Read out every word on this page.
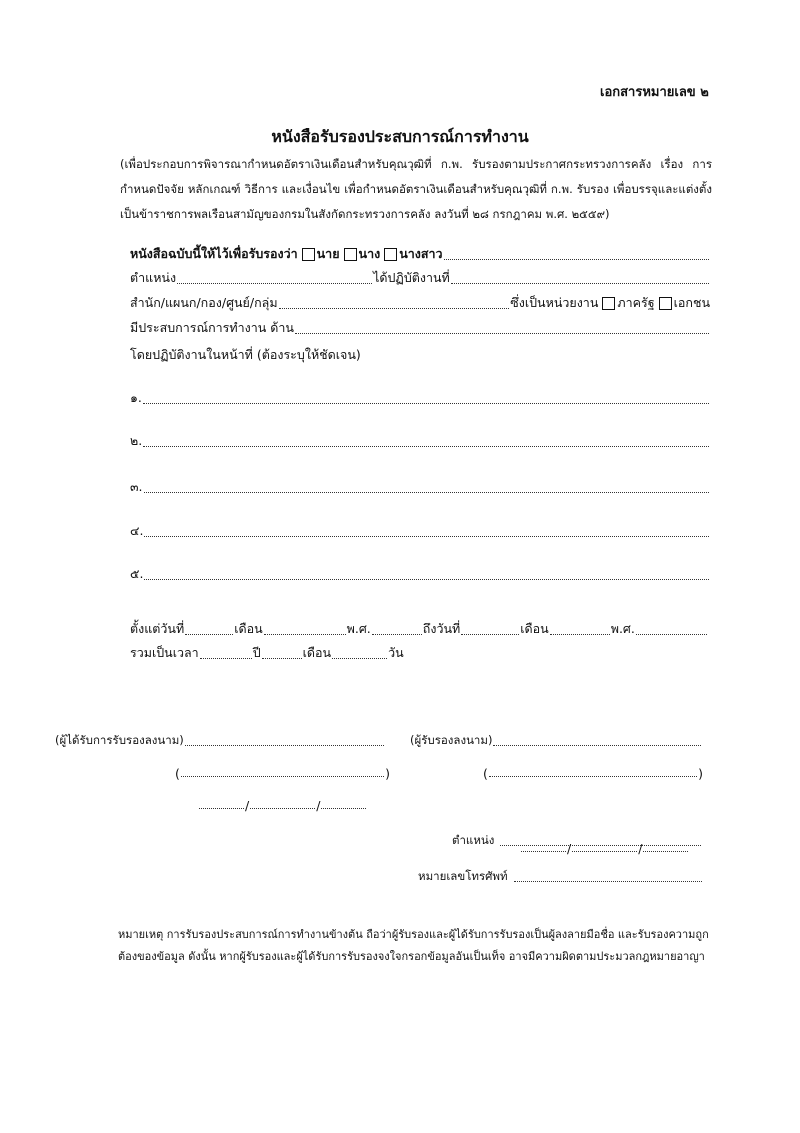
เอกสารหมายเลข ๒
หนังสือรับรองประสบการณ์การทำงาน
(เพื่อประกอบการพิจารณากำหนดอัตราเงินเดือนสำหรับคุณวุฒิที่ ก.พ. รับรองตามประกาศกระทรวงการคลัง เรื่อง การกำหนดปัจจัย หลักเกณฑ์ วิธีการ และเงื่อนไข เพื่อกำหนดอัตราเงินเดือนสำหรับคุณวุฒิที่ ก.พ. รับรอง เพื่อบรรจุและแต่งตั้งเป็นข้าราชการพลเรือนสามัญของกรมในสังกัดกระทรวงการคลัง ลงวันที่ ๒๘ กรกฎาคม พ.ศ. ๒๕๕๙)
หนังสือฉบับนี้ให้ไว้เพื่อรับรองว่า นาย นาง นางสาว
ตำแหน่ง	ได้ปฏิบัติงานที่
สำนัก/แผนก/กอง/ศูนย์/กลุ่ม	ซึ่งเป็นหน่วยงาน ภาครัฐ เอกชน
มีประสบการณ์การทำงาน ด้าน
โดยปฏิบัติงานในหน้าที่ (ต้องระบุให้ชัดเจน)
๑.
๒.
๓.
๔.
๕.
ตั้งแต่วันที่	เดือน	พ.ศ.	ถึงวันที่	เดือน	พ.ศ.
รวมเป็นเวลา	ปี	เดือน	วัน
(ผู้ได้รับการรับรองลงนาม)
(	)
/	/
(ผู้รับรองลงนาม)
(	)
ตำแหน่ง
/	/
หมายเลขโทรศัพท์
หมายเหตุ การรับรองประสบการณ์การทำงานข้างต้น ถือว่าผู้รับรองและผู้ได้รับการรับรองเป็นผู้ลงลายมือชื่อ และรับรองความถูกต้องของข้อมูล ดังนั้น หากผู้รับรองและผู้ได้รับการรับรองจงใจกรอกข้อมูลอันเป็นเท็จ อาจมีความผิดตามประมวลกฎหมายอาญา
